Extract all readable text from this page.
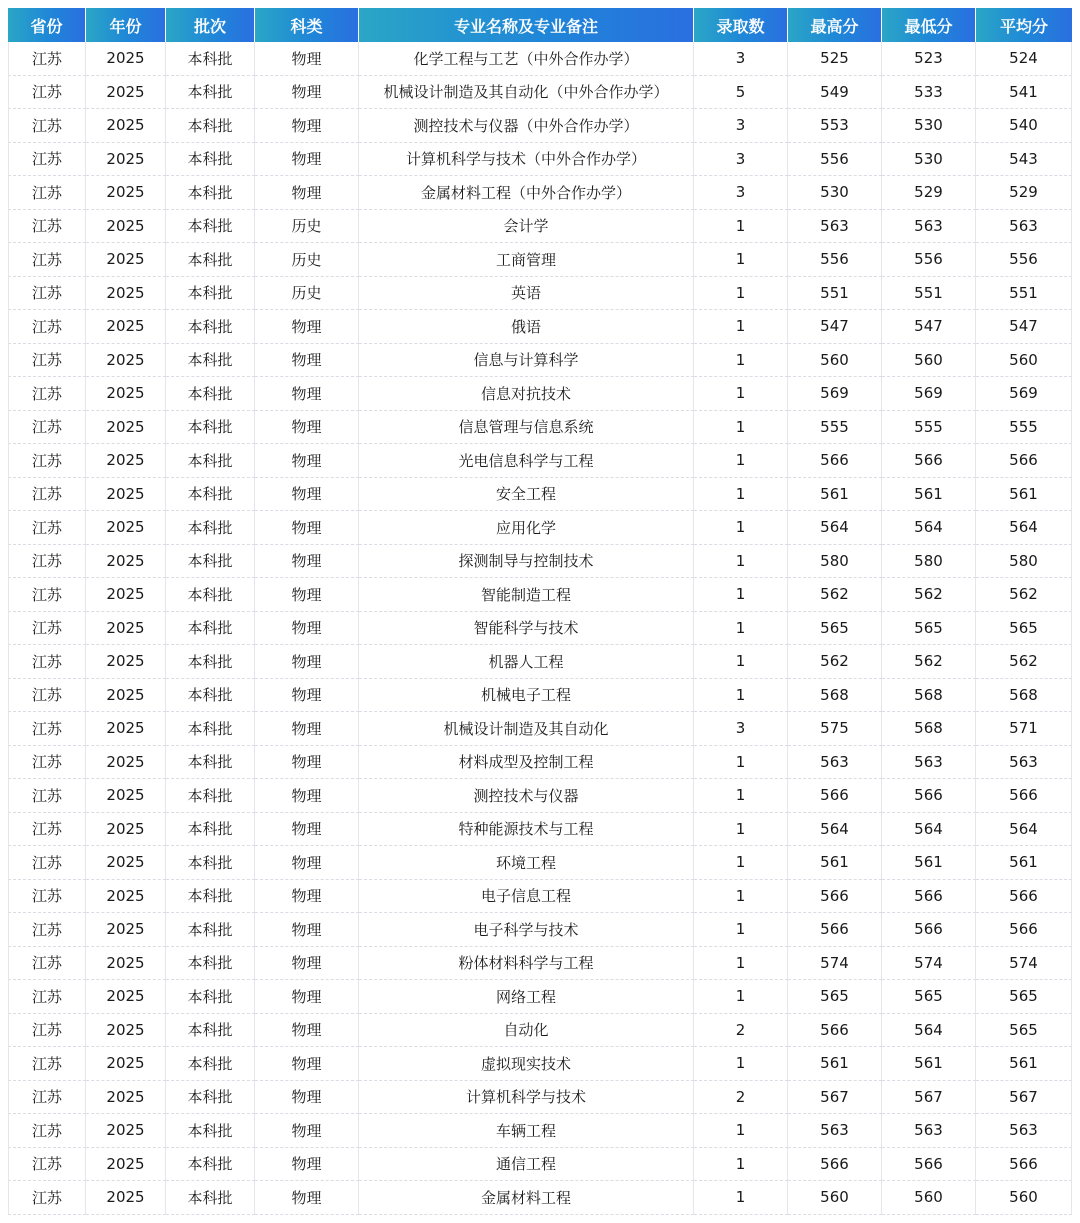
省份	年份	批次	科类	专业名称及专业备注	录取数	最高分	最低分	平均分
江苏	2025	本科批	物理	化学工程与工艺（中外合作办学）	3	525	523	524
江苏	2025	本科批	物理	机械设计制造及其自动化（中外合作办学）	5	549	533	541
江苏	2025	本科批	物理	测控技术与仪器（中外合作办学）	3	553	530	540
江苏	2025	本科批	物理	计算机科学与技术（中外合作办学）	3	556	530	543
江苏	2025	本科批	物理	金属材料工程（中外合作办学）	3	530	529	529
江苏	2025	本科批	历史	会计学	1	563	563	563
江苏	2025	本科批	历史	工商管理	1	556	556	556
江苏	2025	本科批	历史	英语	1	551	551	551
江苏	2025	本科批	物理	俄语	1	547	547	547
江苏	2025	本科批	物理	信息与计算科学	1	560	560	560
江苏	2025	本科批	物理	信息对抗技术	1	569	569	569
江苏	2025	本科批	物理	信息管理与信息系统	1	555	555	555
江苏	2025	本科批	物理	光电信息科学与工程	1	566	566	566
江苏	2025	本科批	物理	安全工程	1	561	561	561
江苏	2025	本科批	物理	应用化学	1	564	564	564
江苏	2025	本科批	物理	探测制导与控制技术	1	580	580	580
江苏	2025	本科批	物理	智能制造工程	1	562	562	562
江苏	2025	本科批	物理	智能科学与技术	1	565	565	565
江苏	2025	本科批	物理	机器人工程	1	562	562	562
江苏	2025	本科批	物理	机械电子工程	1	568	568	568
江苏	2025	本科批	物理	机械设计制造及其自动化	3	575	568	571
江苏	2025	本科批	物理	材料成型及控制工程	1	563	563	563
江苏	2025	本科批	物理	测控技术与仪器	1	566	566	566
江苏	2025	本科批	物理	特种能源技术与工程	1	564	564	564
江苏	2025	本科批	物理	环境工程	1	561	561	561
江苏	2025	本科批	物理	电子信息工程	1	566	566	566
江苏	2025	本科批	物理	电子科学与技术	1	566	566	566
江苏	2025	本科批	物理	粉体材料科学与工程	1	574	574	574
江苏	2025	本科批	物理	网络工程	1	565	565	565
江苏	2025	本科批	物理	自动化	2	566	564	565
江苏	2025	本科批	物理	虚拟现实技术	1	561	561	561
江苏	2025	本科批	物理	计算机科学与技术	2	567	567	567
江苏	2025	本科批	物理	车辆工程	1	563	563	563
江苏	2025	本科批	物理	通信工程	1	566	566	566
江苏	2025	本科批	物理	金属材料工程	1	560	560	560
